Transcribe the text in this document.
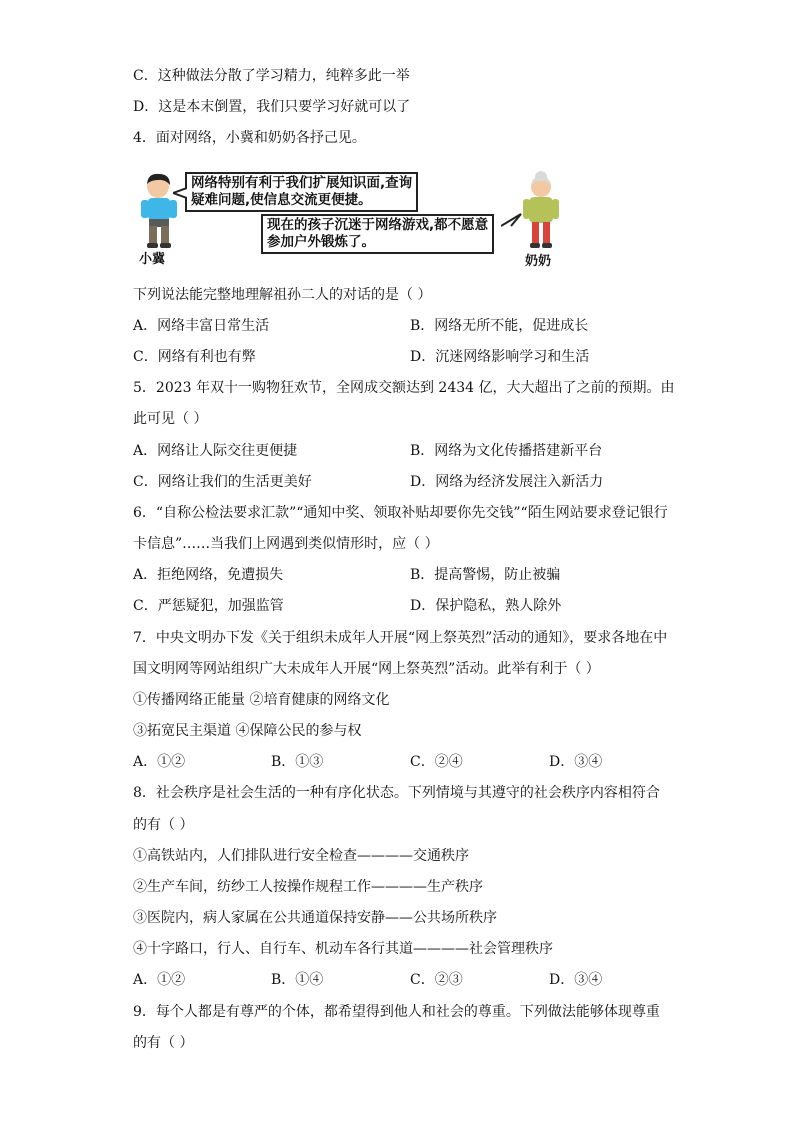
C．这种做法分散了学习精力，纯粹多此一举
D．这是本末倒置，我们只要学习好就可以了
4．面对网络，小冀和奶奶各抒己见。
小冀
网络特别有利于我们扩展知识面,查询
疑难问题,使信息交流更便捷。
现在的孩子沉迷于网络游戏,都不愿意
参加户外锻炼了。
奶奶
下列说法能完整地理解祖孙二人的对话的是（ ）
A．网络丰富日常生活	B．网络无所不能，促进成长
C．网络有利也有弊	D．沉迷网络影响学习和生活
5．2023 年双十一购物狂欢节，全网成交额达到 2434 亿，大大超出了之前的预期。由
此可见（ ）
A．网络让人际交往更便捷	B．网络为文化传播搭建新平台
C．网络让我们的生活更美好	D．网络为经济发展注入新活力
6．“自称公检法要求汇款”“通知中奖、领取补贴却要你先交钱”“陌生网站要求登记银行
卡信息”……当我们上网遇到类似情形时，应（ ）
A．拒绝网络，免遭损失	B．提高警惕，防止被骗
C．严惩疑犯，加强监管	D．保护隐私，熟人除外
7．中央文明办下发《关于组织未成年人开展“网上祭英烈”活动的通知》，要求各地在中
国文明网等网站组织广大未成年人开展“网上祭英烈”活动。此举有利于（ ）
①传播网络正能量 ②培育健康的网络文化
③拓宽民主渠道 ④保障公民的参与权
A．①②	B．①③	C．②④	D．③④
8．社会秩序是社会生活的一种有序化状态。下列情境与其遵守的社会秩序内容相符合
的有（ ）
①高铁站内，人们排队进行安全检查————交通秩序
②生产车间，纺纱工人按操作规程工作————生产秩序
③医院内，病人家属在公共通道保持安静——公共场所秩序
④十字路口，行人、自行车、机动车各行其道————社会管理秩序
A．①②	B．①④	C．②③	D．③④
9．每个人都是有尊严的个体，都希望得到他人和社会的尊重。下列做法能够体现尊重
的有（ ）
